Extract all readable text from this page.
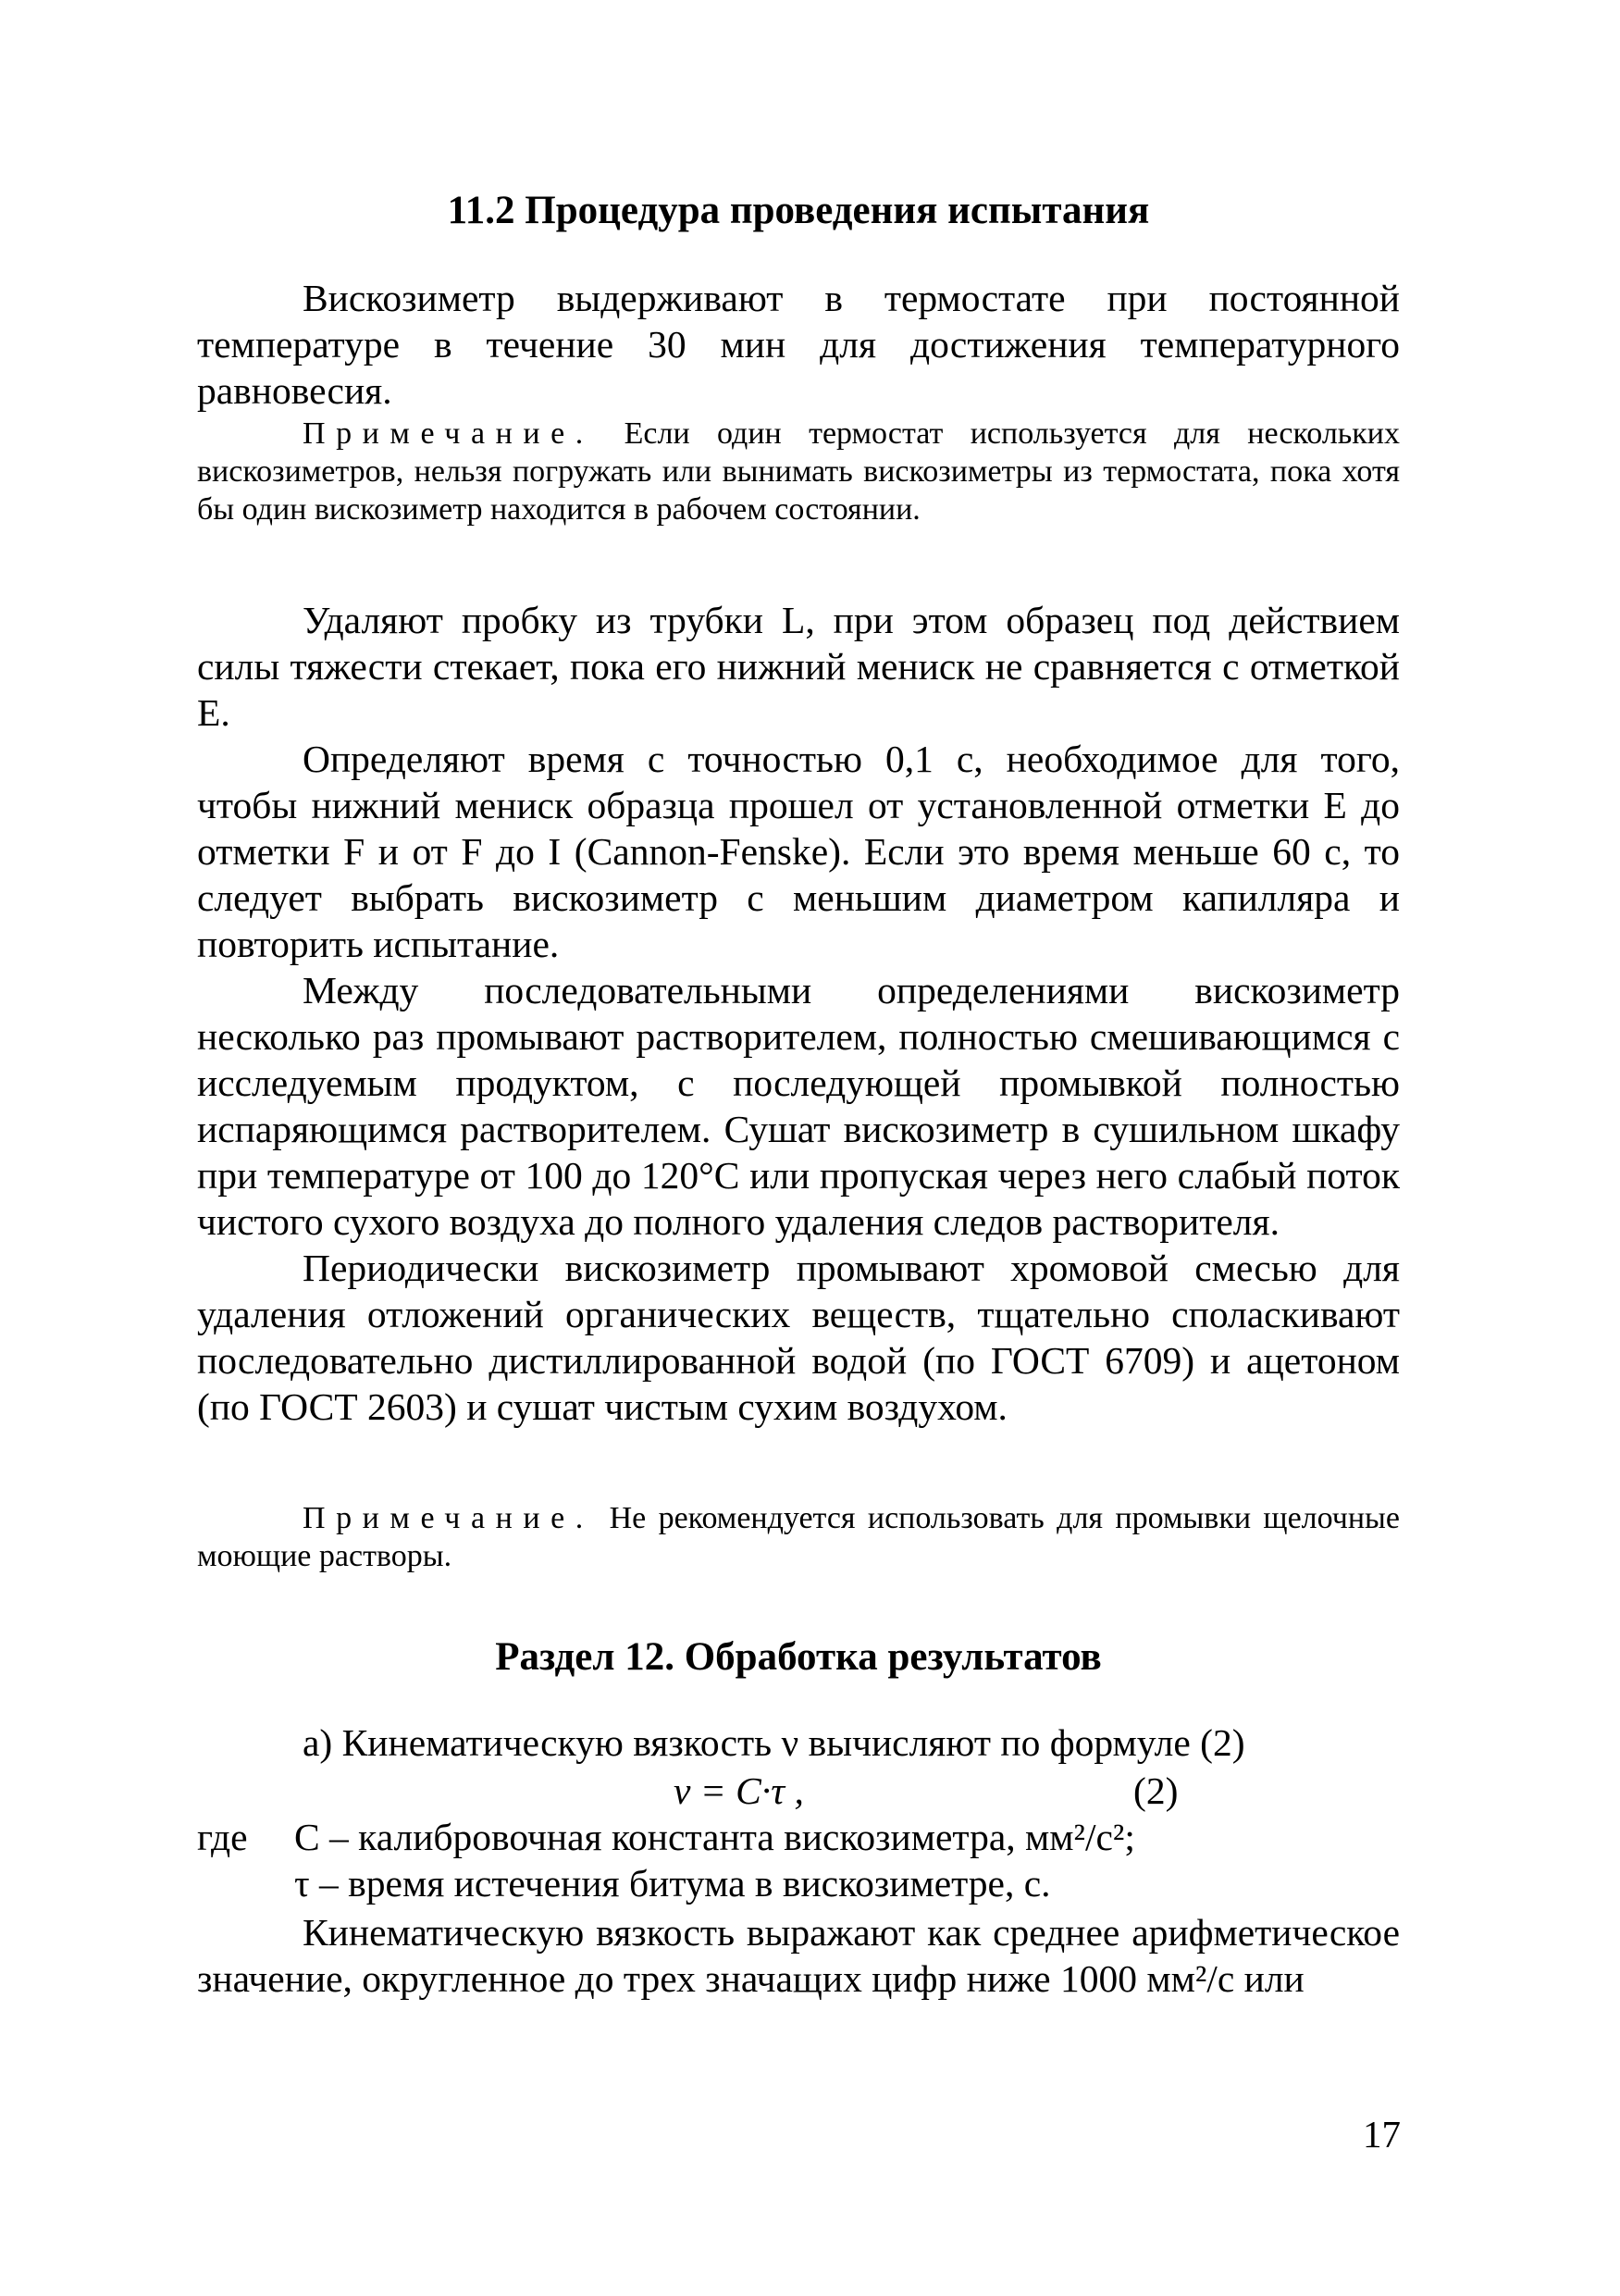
11.2 Процедура проведения испытания

Вискозиметр выдерживают в термостате при постоянной температуре в течение 30 мин для достижения температурного равновесия.

Примечание. Если один термостат используется для нескольких вискозиметров, нельзя погружать или вынимать вискозиметры из термостата, пока хотя бы один вискозиметр находится в рабочем состоянии.

Удаляют пробку из трубки L, при этом образец под действием силы тяжести стекает, пока его нижний мениск не сравняется с отметкой E.

Определяют время с точностью 0,1 с, необходимое для того, чтобы нижний мениск образца прошел от установленной отметки E до отметки F и от F до I (Cannon-Fenske). Если это время меньше 60 с, то следует выбрать вискозиметр с меньшим диаметром капилляра и повторить испытание.

Между последовательными определениями вискозиметр несколько раз промывают растворителем, полностью смешивающимся с исследуемым продуктом, с последующей промывкой полностью испаряющимся растворителем. Сушат вискозиметр в сушильном шкафу при температуре от 100 до 120°С или пропуская через него слабый поток чистого сухого воздуха до полного удаления следов растворителя.

Периодически вискозиметр промывают хромовой смесью для удаления отложений органических веществ, тщательно споласкивают последовательно дистиллированной водой (по ГОСТ 6709) и ацетоном (по ГОСТ 2603) и сушат чистым сухим воздухом.

Примечание. Не рекомендуется использовать для промывки щелочные моющие растворы.

Раздел 12. Обработка результатов

а) Кинематическую вязкость ν вычисляют по формуле (2)

ν = C·τ ,	(2)
где С – калибровочная константа вискозиметра, мм²/с²;
τ – время истечения битума в вискозиметре, с.

Кинематическую вязкость выражают как среднее арифметическое значение, округленное до трех значащих цифр ниже 1000 мм²/с или

17
